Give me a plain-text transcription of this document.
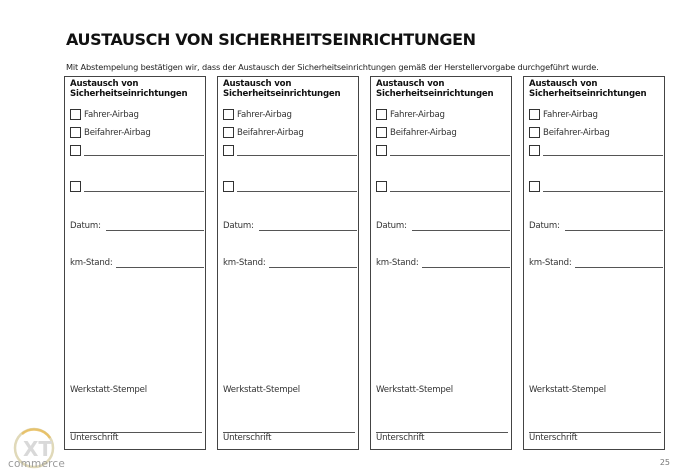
AUSTAUSCH VON SICHERHEITSEINRICHTUNGEN
Mit Abstempelung bestätigen wir, dass der Austausch der Sicherheitseinrichtungen gemäß der Herstellervorgabe durchgeführt wurde.
Austausch von Sicherheitseinrichtungen
Fahrer-Airbag
Beifahrer-Airbag
Datum:
km-Stand:
Werkstatt-Stempel
Unterschrift
Austausch von Sicherheitseinrichtungen
Fahrer-Airbag
Beifahrer-Airbag
Datum:
km-Stand:
Werkstatt-Stempel
Unterschrift
Austausch von Sicherheitseinrichtungen
Fahrer-Airbag
Beifahrer-Airbag
Datum:
km-Stand:
Werkstatt-Stempel
Unterschrift
Austausch von Sicherheitseinrichtungen
Fahrer-Airbag
Beifahrer-Airbag
Datum:
km-Stand:
Werkstatt-Stempel
Unterschrift
XT
commerce	25
